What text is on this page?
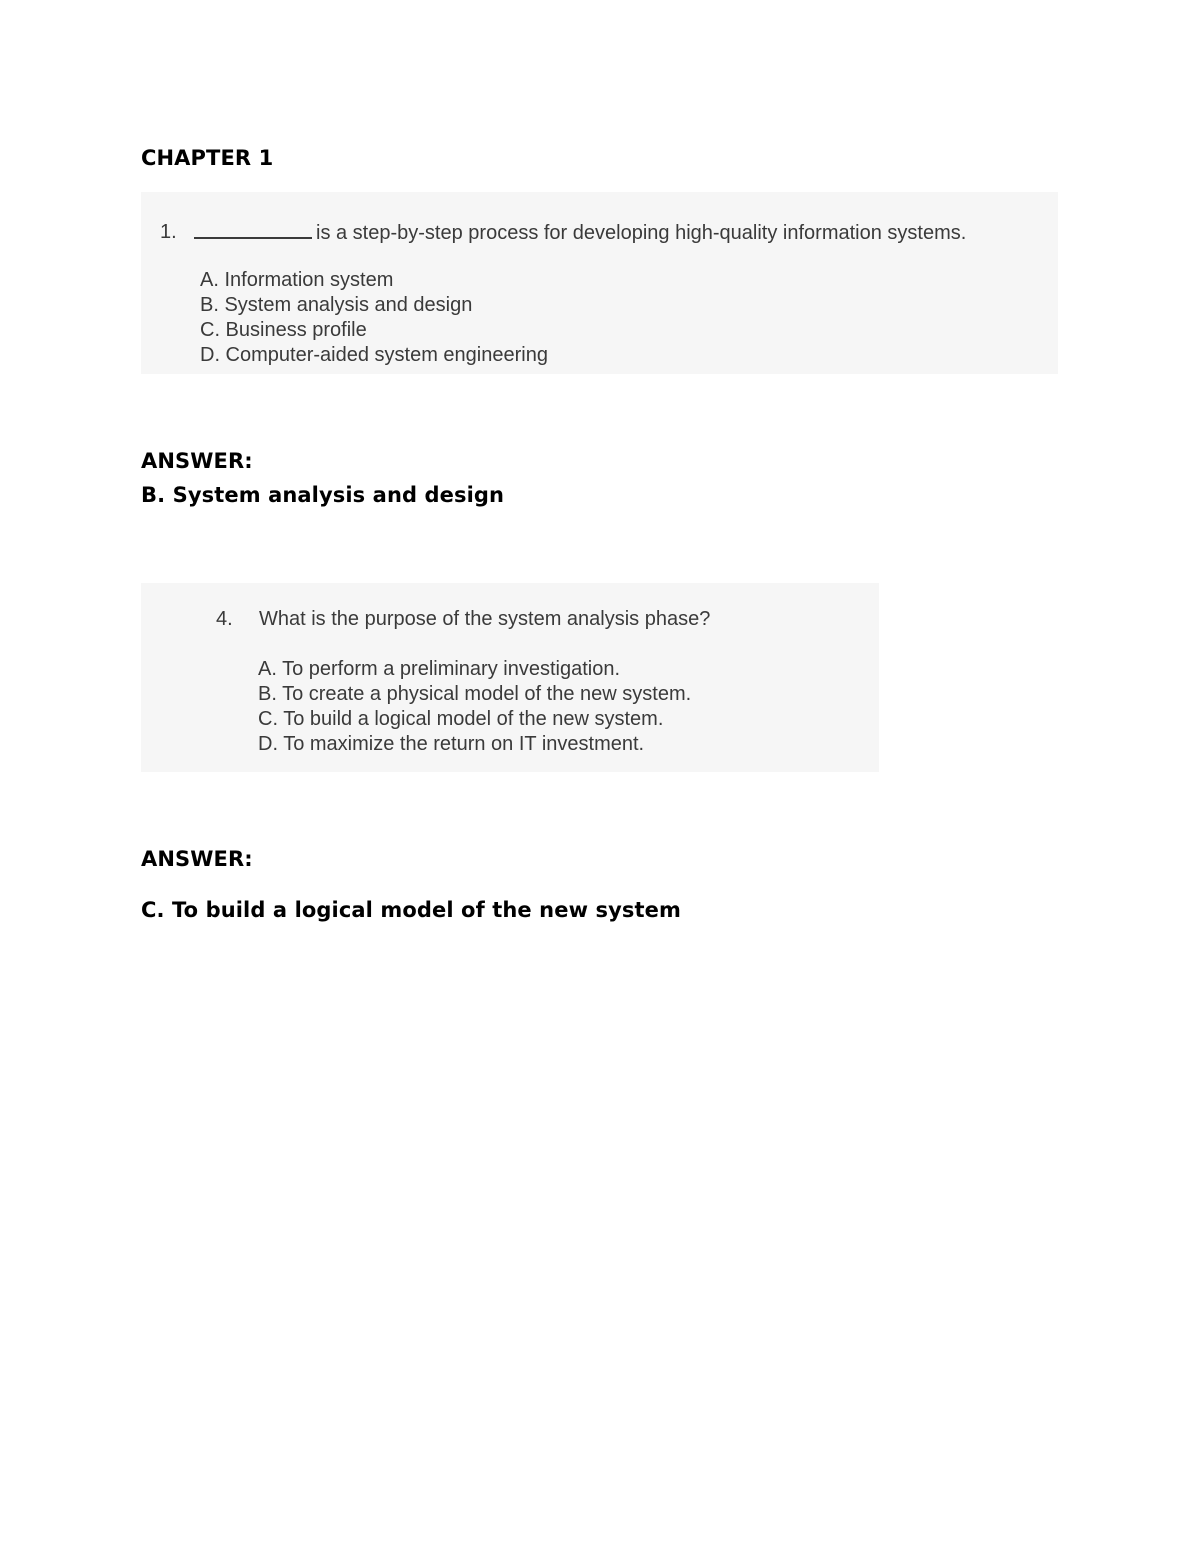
CHAPTER 1
1.	is a step-by-step process for developing high-quality information systems.
A. Information system
B. System analysis and design
C. Business profile
D. Computer-aided system engineering
ANSWER:
B. System analysis and design
4. What is the purpose of the system analysis phase?
A. To perform a preliminary investigation.
B. To create a physical model of the new system.
C. To build a logical model of the new system.
D. To maximize the return on IT investment.
ANSWER:
C. To build a logical model of the new system
